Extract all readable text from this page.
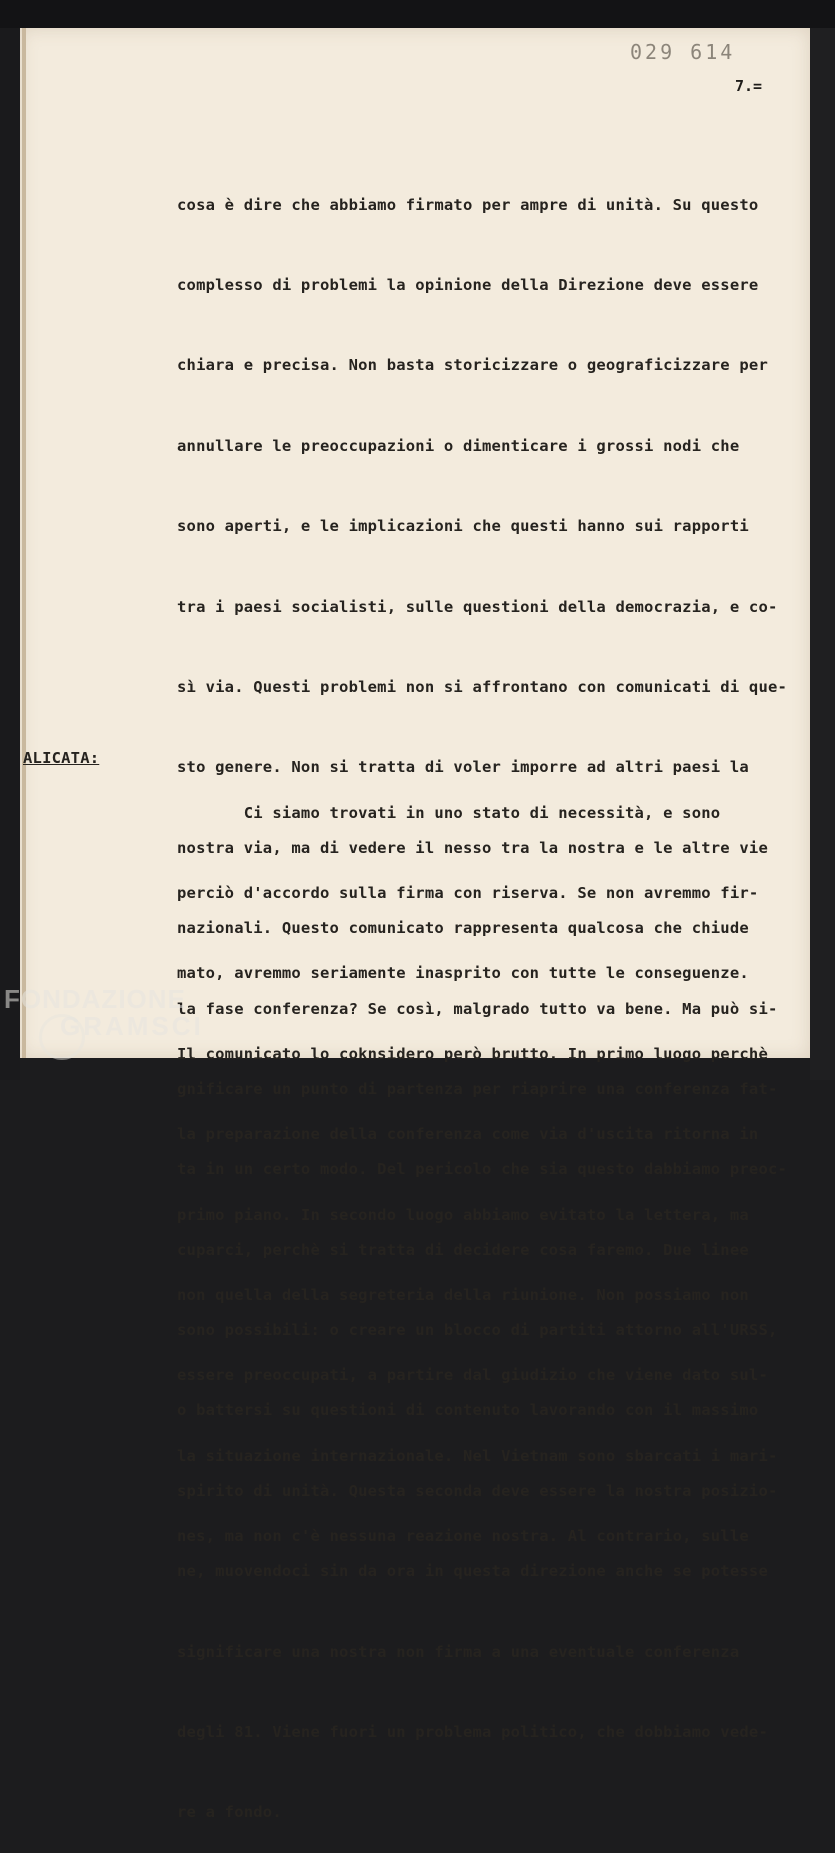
029 614
7.=

cosa è dire che abbiamo firmato per ampre di unità. Su questo

complesso di problemi la opinione della Direzione deve essere

chiara e precisa. Non basta storicizzare o geograficizzare per

annullare le preoccupazioni o dimenticare i grossi nodi che

sono aperti, e le implicazioni che questi hanno sui rapporti

tra i paesi socialisti, sulle questioni della democrazia, e co-

sì via. Questi problemi non si affrontano con comunicati di que-

sto genere. Non si tratta di voler imporre ad altri paesi la

nostra via, ma di vedere il nesso tra la nostra e le altre vie

nazionali. Questo comunicato rappresenta qualcosa che chiude

la fase conferenza? Se così, malgrado tutto va bene. Ma può si-

gnificare un punto di partenza per riaprire una conferenza fat-

ta in un certo modo. Del pericolo che sia questo dabbiamo preoc-

cuparci, perchè si tratta di decidere cosa faremo. Due linee

sono possibili: o creare un blocco di partiti attorno all'URSS,

o battersi su questioni di contenuto lavorando con il massimo

spirito di unità. Questa seconda deve essere la nostra posizio-

ne, muovendoci sin da ora in questa direzione anche se potesse

significare una nostra non firma a una eventuale conferenza

degli 81. Viene fuori un problema politico, che dobbiamo vede-

re a fondo.

ALICATA:

Ci siamo trovati in uno stato di necessità, e sono

perciò d'accordo sulla firma con riserva. Se non avremmo fir-

mato, avremmo seriamente inasprito con tutte le conseguenze.

Il comunicato lo coknsidero però brutto. In primo luogo perchè

la preparazione della conferenza come via d'uscita ritorna in

primo piano. In secondo luogo abbiamo evitato la lettera, ma

non quella della segreteria della riunione. Non possiamo non

essere preoccupati, a partire dal giudizio che viene dato sul-

la situazione internazionale. Nel Vietnam sono sbarcati i mari-

nes, ma non c'è nessuna reazione nostra. Al contrario, sulle

FONDAZIONE
GRAMSCI
